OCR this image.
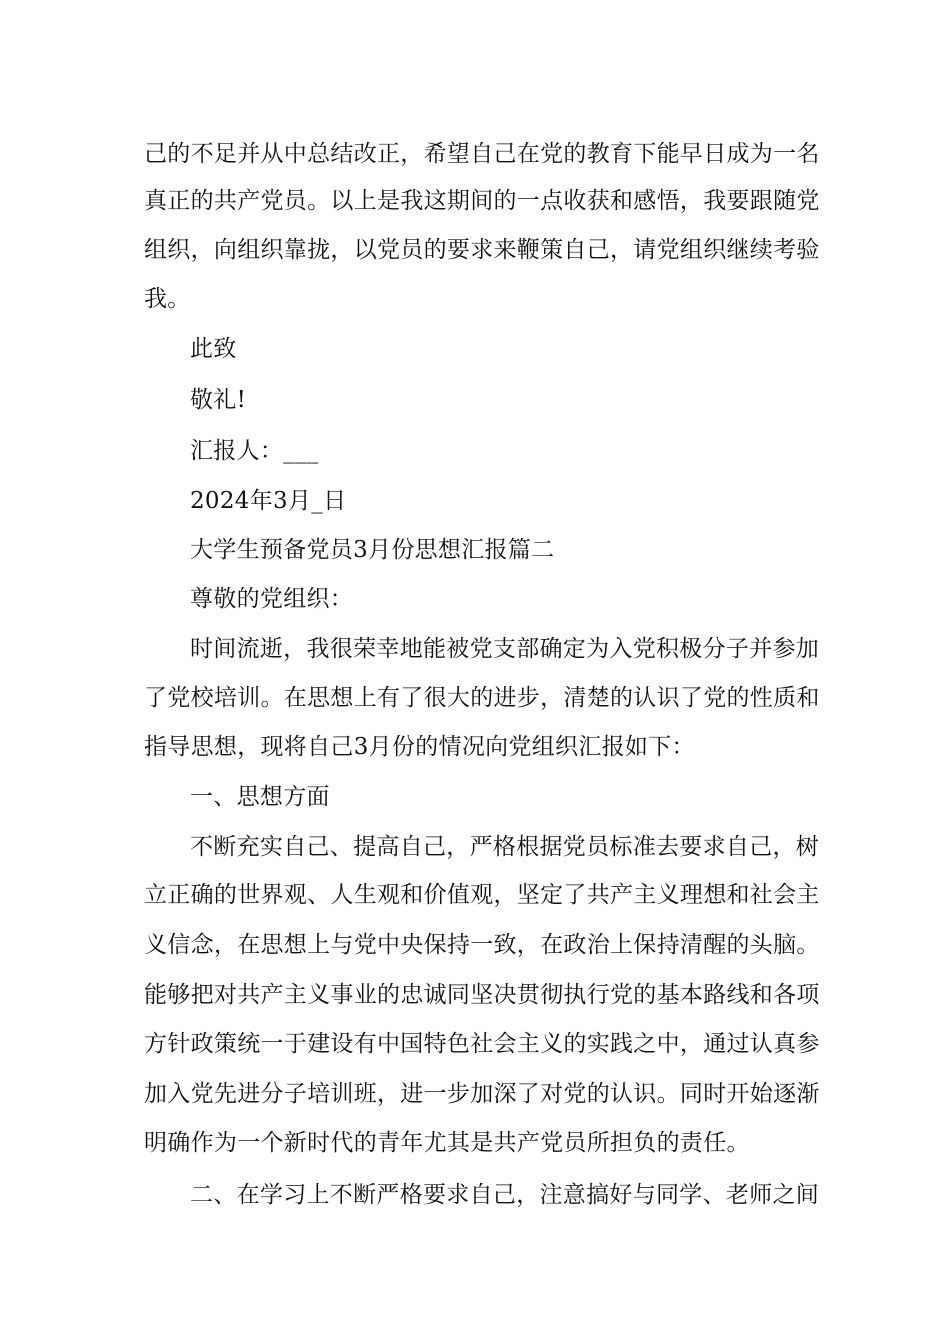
己的不足并从中总结改正，希望自己在党的教育下能早日成为一名
真正的共产党员。以上是我这期间的一点收获和感悟，我要跟随党
组织，向组织靠拢，以党员的要求来鞭策自己，请党组织继续考验
我。
此致
敬礼!
汇报人：___
2024年3月_日
大学生预备党员3月份思想汇报篇二
尊敬的党组织：
时间流逝，我很荣幸地能被党支部确定为入党积极分子并参加
了党校培训。在思想上有了很大的进步，清楚的认识了党的性质和
指导思想，现将自己3月份的情况向党组织汇报如下：
一、思想方面
不断充实自己、提高自己，严格根据党员标准去要求自己，树
立正确的世界观、人生观和价值观，坚定了共产主义理想和社会主
义信念，在思想上与党中央保持一致，在政治上保持清醒的头脑。
能够把对共产主义事业的忠诚同坚决贯彻执行党的基本路线和各项
方针政策统一于建设有中国特色社会主义的实践之中，通过认真参
加入党先进分子培训班，进一步加深了对党的认识。同时开始逐渐
明确作为一个新时代的青年尤其是共产党员所担负的责任。
二、在学习上不断严格要求自己，注意搞好与同学、老师之间
